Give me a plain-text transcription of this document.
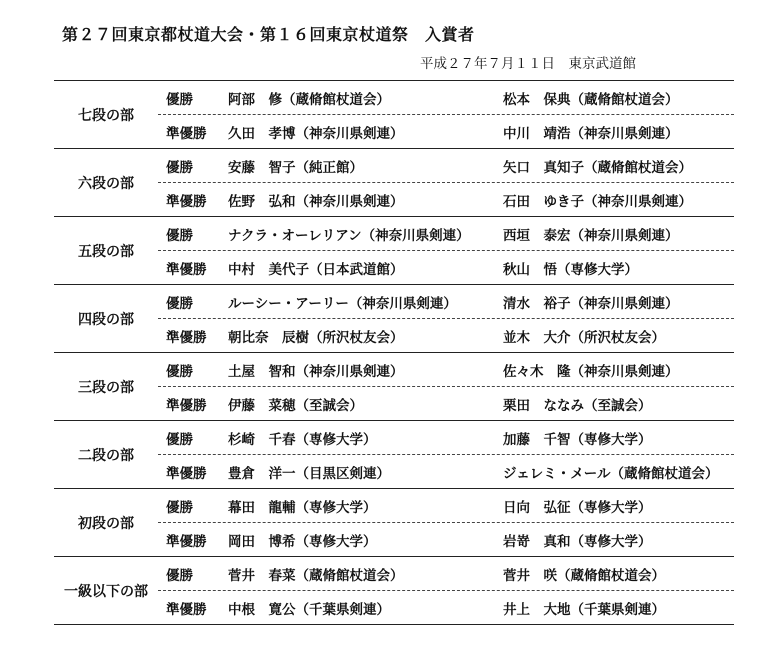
第２７回東京都杖道大会・第１６回東京杖道祭　入賞者
平成２７年７月１１日　東京武道館
七段の部
優勝	阿部　修（蔵脩館杖道会）	松本　保典（蔵脩館杖道会）
準優勝 久田　孝博（神奈川県剣連）	中川　靖浩（神奈川県剣連）
六段の部
優勝	安藤　智子（純正館）	矢口　真知子（蔵脩館杖道会）
準優勝 佐野　弘和（神奈川県剣連）	石田　ゆき子（神奈川県剣連）
五段の部
優勝	ナクラ・オーレリアン（神奈川県剣連） 西垣　泰宏（神奈川県剣連）
準優勝 中村　美代子（日本武道館）	秋山　悟（専修大学）
四段の部
優勝	ルーシー・アーリー（神奈川県剣連）	清水　裕子（神奈川県剣連）
準優勝 朝比奈　辰樹（所沢杖友会）	並木　大介（所沢杖友会）
三段の部
優勝	土屋　智和（神奈川県剣連）	佐々木　隆（神奈川県剣連）
準優勝 伊藤　菜穂（至誠会）	栗田　ななみ（至誠会）
二段の部
優勝	杉崎　千春（専修大学）	加藤　千智（専修大学）
準優勝 豊倉　洋一（目黒区剣連）	ジェレミ・メール（蔵脩館杖道会）
初段の部
優勝	幕田　龍輔（専修大学）	日向　弘征（専修大学）
準優勝 岡田　博希（専修大学）	岩嵜　真和（専修大学）
一級以下の部
優勝	菅井　春菜（蔵脩館杖道会）	菅井　咲（蔵脩館杖道会）
準優勝 中根　寛公（千葉県剣連）	井上　大地（千葉県剣連）
